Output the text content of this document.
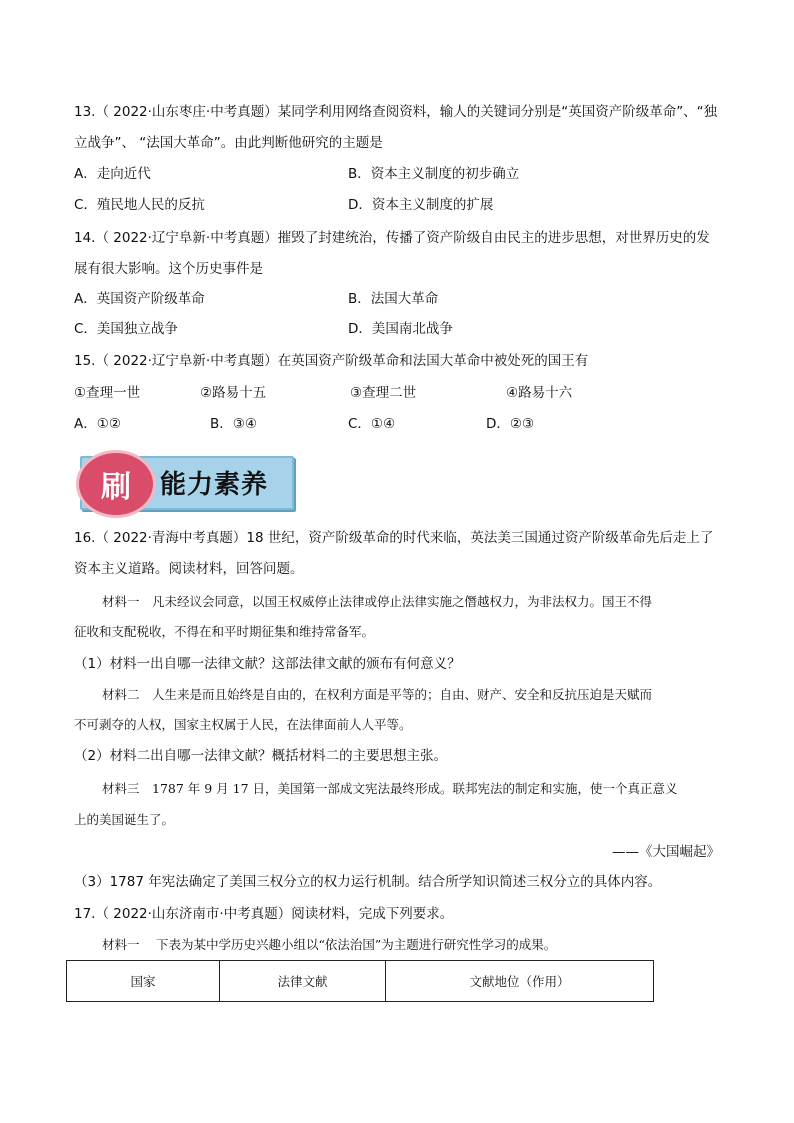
13.（ 2022·山东枣庄·中考真题）某同学利用网络查阅资料，输人的关键词分别是“英国资产阶级革命”、“独
立战争”、 “法国大革命”。由此判断他研究的主题是
A．走向近代	B．资本主义制度的初步确立
C．殖民地人民的反抗	D．资本主义制度的扩展
14.（ 2022·辽宁阜新·中考真题）摧毁了封建统治，传播了资产阶级自由民主的进步思想，对世界历史的发
展有很大影响。这个历史事件是
A．英国资产阶级革命	B．法国大革命
C．美国独立战争	D．美国南北战争
15.（ 2022·辽宁阜新·中考真题）在英国资产阶级革命和法国大革命中被处死的国王有
①查理一世	②路易十五	③查理二世	④路易十六
A．①②	B．③④	C．①④	D．②③
刷	能力素养
16.（ 2022·青海中考真题）18 世纪，资产阶级革命的时代来临，英法美三国通过资产阶级革命先后走上了
资本主义道路。阅读材料，回答问题。
材料一　凡未经议会同意，以国王权威停止法律或停止法律实施之僭越权力，为非法权力。国王不得
征收和支配税收，不得在和平时期征集和维持常备军。
（1）材料一出自哪一法律文献？这部法律文献的颁布有何意义？
材料二　人生来是而且始终是自由的，在权利方面是平等的；自由、财产、安全和反抗压迫是天赋而
不可剥夺的人权，国家主权属于人民，在法律面前人人平等。
（2）材料二出自哪一法律文献？概括材料二的主要思想主张。
材料三　1787 年 9 月 17 日，美国第一部成文宪法最终形成。联邦宪法的制定和实施，使一个真正意义
上的美国诞生了。
——《大国崛起》
（3）1787 年宪法确定了美国三权分立的权力运行机制。结合所学知识简述三权分立的具体内容。
17.（ 2022·山东济南市·中考真题）阅读材料，完成下列要求。
材料一　 下表为某中学历史兴趣小组以“依法治国”为主题进行研究性学习的成果。
国家	法律文献	文献地位（作用）
